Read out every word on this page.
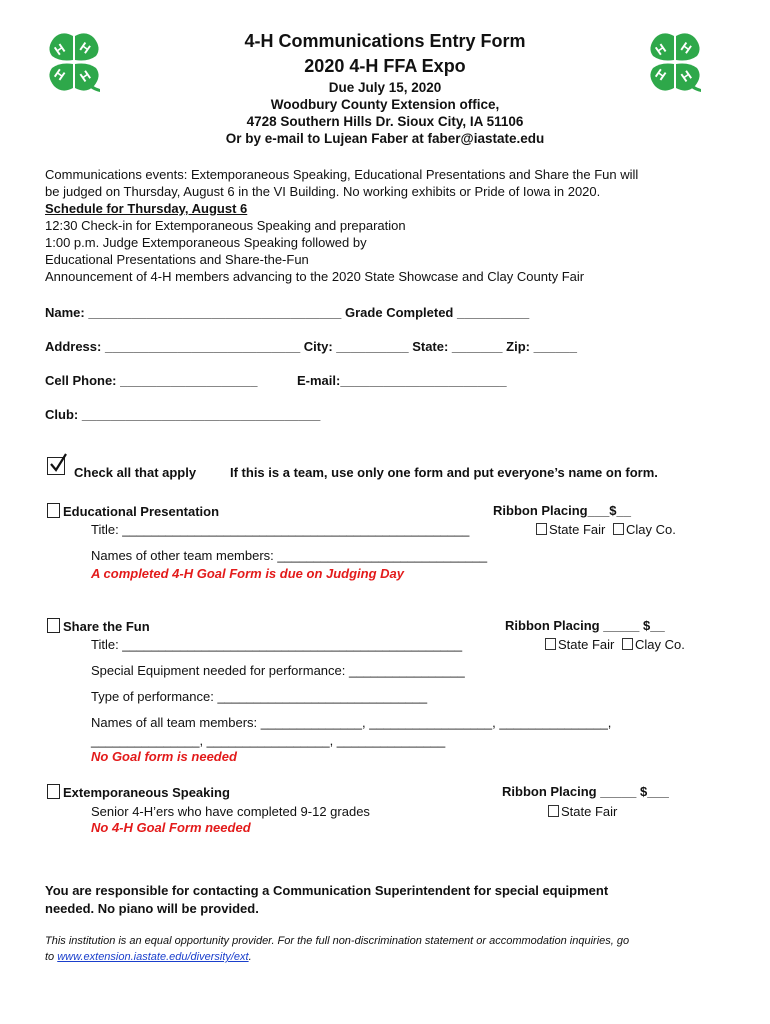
H H
H H
H H
H H
4-H Communications Entry Form
2020 4-H FFA Expo
Due July 15, 2020
Woodbury County Extension office,
4728 Southern Hills Dr. Sioux City, IA 51106
Or by e-mail to Lujean Faber at faber@iastate.edu
Communications events: Extemporaneous Speaking, Educational Presentations and Share the Fun will
be judged on Thursday, August 6 in the VI Building. No working exhibits or Pride of Iowa in 2020.
Schedule for Thursday, August 6
12:30 Check-in for Extemporaneous Speaking and preparation
1:00 p.m. Judge Extemporaneous Speaking followed by
Educational Presentations and Share-the-Fun
Announcement of 4-H members advancing to the 2020 State Showcase and Clay County Fair
Name: ___________________________________ Grade Completed __________
Address: ___________________________ City: __________ State: _______ Zip: ______
Cell Phone: ___________________	E-mail:_______________________
Club: _________________________________
Check all that apply	If this is a team, use only one form and put everyone’s name on form.
Educational Presentation	Ribbon Placing___$__
Title: ________________________________________________	State Fair Clay Co.
Names of other team members: _____________________________
A completed 4-H Goal Form is due on Judging Day
Share the Fun	Ribbon Placing _____ $__
Title: _______________________________________________	State Fair Clay Co.
Special Equipment needed for performance: ________________
Type of performance: _____________________________
Names of all team members: ______________, _________________, _______________,
_______________, _________________, _______________
No Goal form is needed
Extemporaneous Speaking	Ribbon Placing _____ $___
Senior 4-H’ers who have completed 9-12 grades	State Fair
No 4-H Goal Form needed
You are responsible for contacting a Communication Superintendent for special equipment
needed. No piano will be provided.
This institution is an equal opportunity provider. For the full non-discrimination statement or accommodation inquiries, go
to www.extension.iastate.edu/diversity/ext.
